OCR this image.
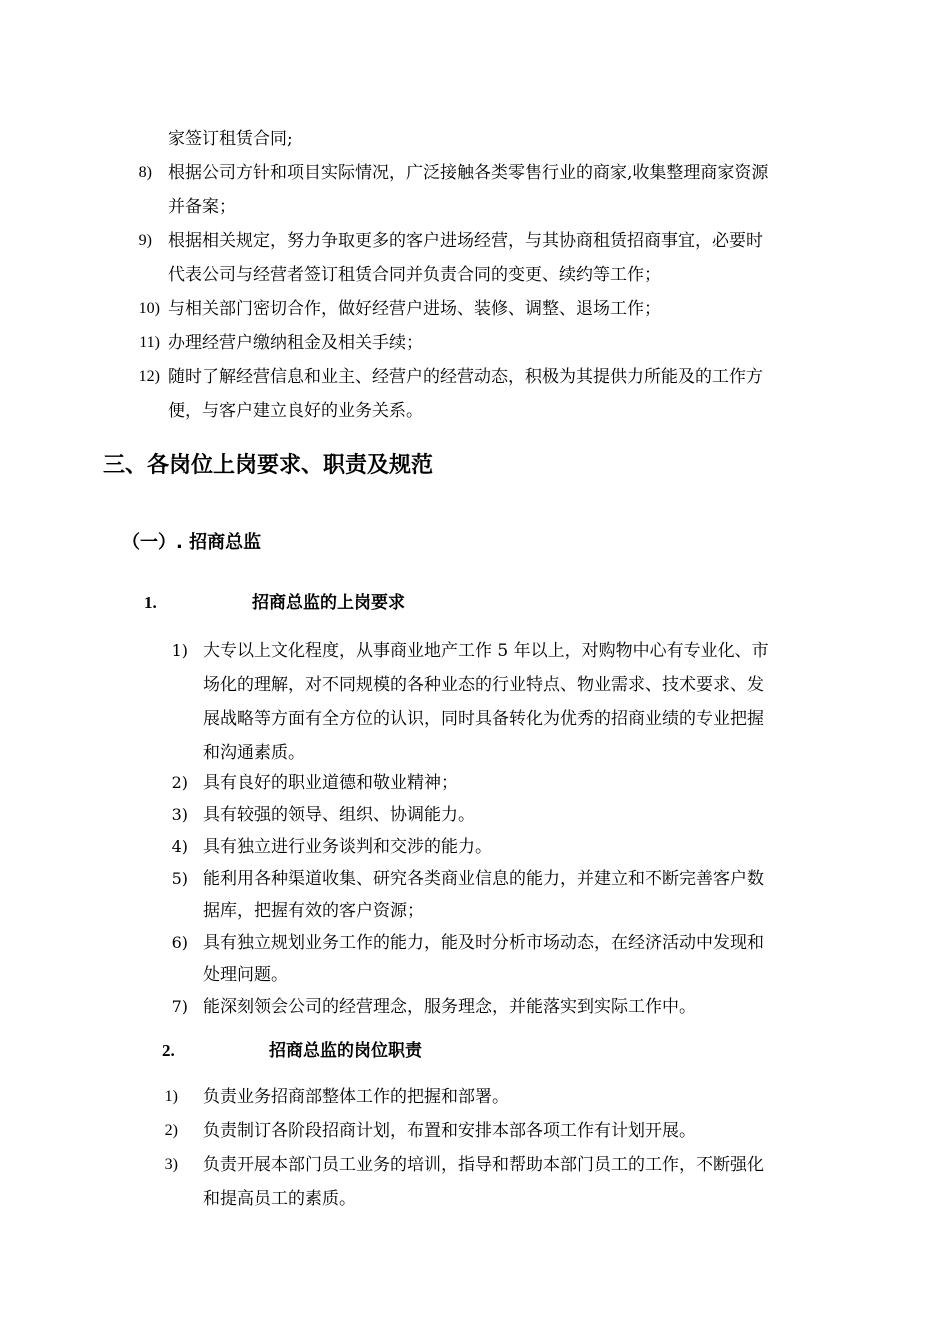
家签订租赁合同;
8) 根据公司方针和项目实际情况，广泛接触各类零售行业的商家,收集整理商家资源
并备案；
9) 根据相关规定，努力争取更多的客户进场经营，与其协商租赁招商事宜，必要时
代表公司与经营者签订租赁合同并负责合同的变更、续约等工作；
10) 与相关部门密切合作，做好经营户进场、装修、调整、退场工作；
11) 办理经营户缴纳租金及相关手续；
12) 随时了解经营信息和业主、经营户的经营动态，积极为其提供力所能及的工作方
便，与客户建立良好的业务关系。
三、各岗位上岗要求、职责及规范
（一）. 招商总监
1.	招商总监的上岗要求
1) 大专以上文化程度，从事商业地产工作 5 年以上，对购物中心有专业化、市
场化的理解，对不同规模的各种业态的行业特点、物业需求、技术要求、发
展战略等方面有全方位的认识，同时具备转化为优秀的招商业绩的专业把握
和沟通素质。
2) 具有良好的职业道德和敬业精神；
3) 具有较强的领导、组织、协调能力。
4) 具有独立进行业务谈判和交涉的能力。
5) 能利用各种渠道收集、研究各类商业信息的能力，并建立和不断完善客户数
据库，把握有效的客户资源；
6) 具有独立规划业务工作的能力，能及时分析市场动态，在经济活动中发现和
处理问题。
7) 能深刻领会公司的经营理念，服务理念，并能落实到实际工作中。
2.	招商总监的岗位职责
1) 负责业务招商部整体工作的把握和部署。
2) 负责制订各阶段招商计划，布置和安排本部各项工作有计划开展。
3) 负责开展本部门员工业务的培训，指导和帮助本部门员工的工作，不断强化
和提高员工的素质。
